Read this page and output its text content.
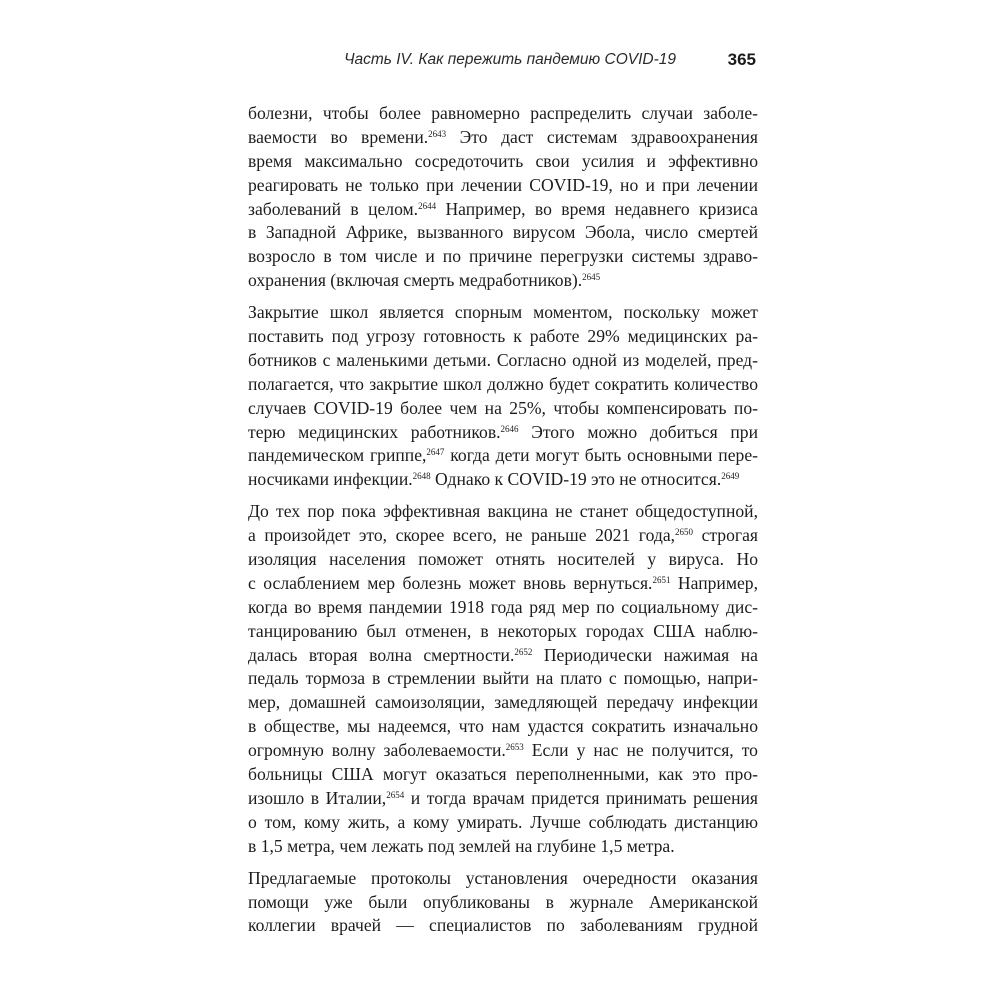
Часть IV. Как пережить пандемию COVID-19	365
болезни, чтобы более равномерно распределить случаи заболе-
ваемости во времени.$^{2643}$ Это даст системам здравоохранения
время максимально сосредоточить свои усилия и эффективно
реагировать не только при лечении COVID-19, но и при лечении
заболеваний в целом.$^{2644}$ Например, во время недавнего кризиса
в Западной Африке, вызванного вирусом Эбола, число смертей
возросло в том числе и по причине перегрузки системы здраво-
охранения (включая смерть медработников).$^{2645}$
Закрытие школ является спорным моментом, поскольку может
поставить под угрозу готовность к работе 29% медицинских ра-
ботников с маленькими детьми. Согласно одной из моделей, пред-
полагается, что закрытие школ должно будет сократить количество
случаев COVID-19 более чем на 25%, чтобы компенсировать по-
терю медицинских работников.$^{2646}$ Этого можно добиться при
пандемическом гриппе,$^{2647}$ когда дети могут быть основными пере-
носчиками инфекции.$^{2648}$ Однако к COVID-19 это не относится.$^{2649}$
До тех пор пока эффективная вакцина не станет общедоступной,
а произойдет это, скорее всего, не раньше 2021 года,$^{2650}$ строгая
изоляция населения поможет отнять носителей у вируса. Но
с ослаблением мер болезнь может вновь вернуться.$^{2651}$ Например,
когда во время пандемии 1918 года ряд мер по социальному дис-
танцированию был отменен, в некоторых городах США наблю-
далась вторая волна смертности.$^{2652}$ Периодически нажимая на
педаль тормоза в стремлении выйти на плато с помощью, напри-
мер, домашней самоизоляции, замедляющей передачу инфекции
в обществе, мы надеемся, что нам удастся сократить изначально
огромную волну заболеваемости.$^{2653}$ Если у нас не получится, то
больницы США могут оказаться переполненными, как это про-
изошло в Италии,$^{2654}$ и тогда врачам придется принимать решения
о том, кому жить, а кому умирать. Лучше соблюдать дистанцию
в 1,5 метра, чем лежать под землей на глубине 1,5 метра.
Предлагаемые протоколы установления очередности оказания
помощи уже были опубликованы в журнале Американской
коллегии врачей — специалистов по заболеваниям грудной
